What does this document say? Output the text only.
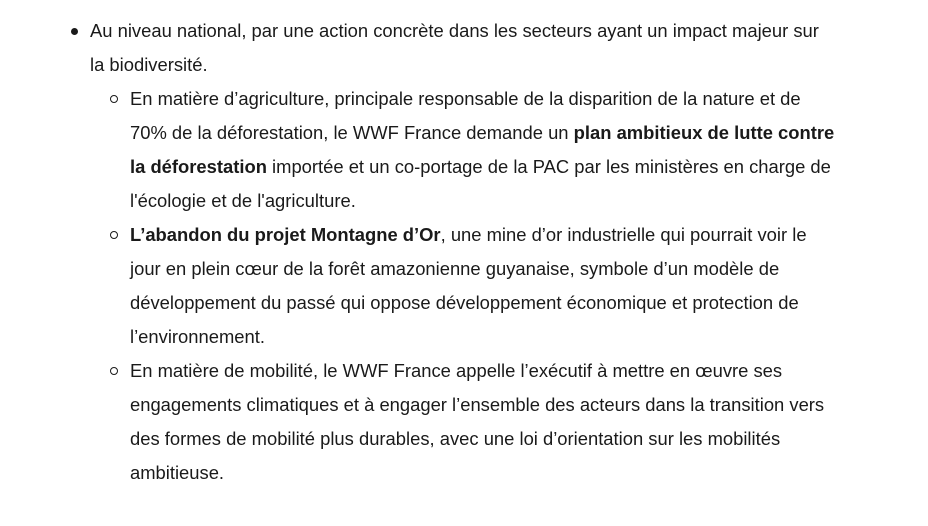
Au niveau national, par une action concrète dans les secteurs ayant un impact majeur sur la biodiversité.
En matière d’agriculture, principale responsable de la disparition de la nature et de 70% de la déforestation, le WWF France demande un plan ambitieux de lutte contre la déforestation importée et un co-portage de la PAC par les ministères en charge de l'écologie et de l'agriculture.
L’abandon du projet Montagne d’Or, une mine d’or industrielle qui pourrait voir le jour en plein cœur de la forêt amazonienne guyanaise, symbole d’un modèle de développement du passé qui oppose développement économique et protection de l’environnement.
En matière de mobilité, le WWF France appelle l’exécutif à mettre en œuvre ses engagements climatiques et à engager l’ensemble des acteurs dans la transition vers des formes de mobilité plus durables, avec une loi d’orientation sur les mobilités ambitieuse.
